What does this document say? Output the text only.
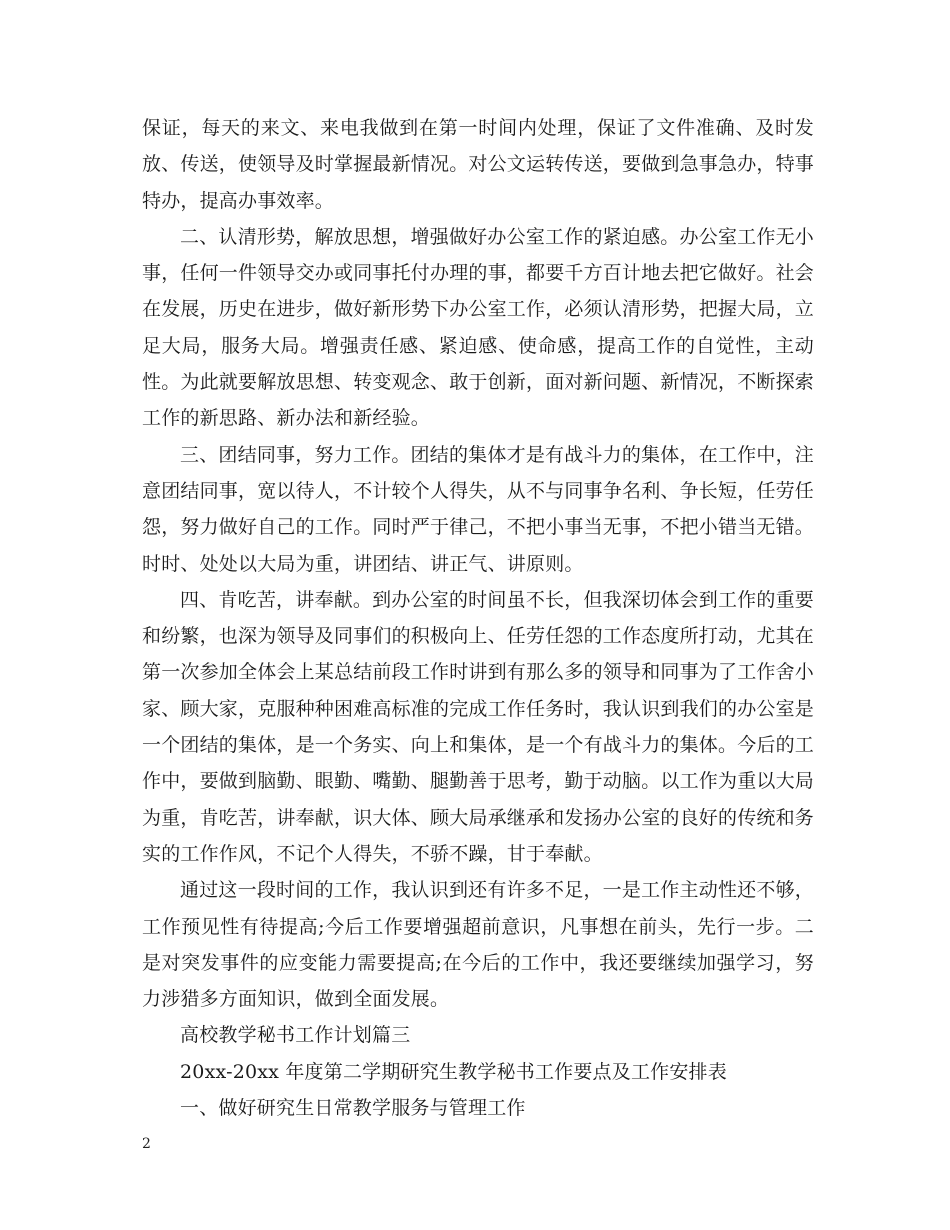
保证，每天的来文、来电我做到在第一时间内处理，保证了文件准确、及时发放、传送，使领导及时掌握最新情况。对公文运转传送，要做到急事急办，特事特办，提高办事效率。

二、认清形势，解放思想，增强做好办公室工作的紧迫感。办公室工作无小事，任何一件领导交办或同事托付办理的事，都要千方百计地去把它做好。社会在发展，历史在进步，做好新形势下办公室工作，必须认清形势，把握大局，立足大局，服务大局。增强责任感、紧迫感、使命感，提高工作的自觉性，主动性。为此就要解放思想、转变观念、敢于创新，面对新问题、新情况，不断探索工作的新思路、新办法和新经验。

三、团结同事，努力工作。团结的集体才是有战斗力的集体，在工作中，注意团结同事，宽以待人，不计较个人得失，从不与同事争名利、争长短，任劳任怨，努力做好自己的工作。同时严于律己，不把小事当无事，不把小错当无错。时时、处处以大局为重，讲团结、讲正气、讲原则。

四、肯吃苦，讲奉献。到办公室的时间虽不长，但我深切体会到工作的重要和纷繁，也深为领导及同事们的积极向上、任劳任怨的工作态度所打动，尤其在第一次参加全体会上某总结前段工作时讲到有那么多的领导和同事为了工作舍小家、顾大家，克服种种困难高标准的完成工作任务时，我认识到我们的办公室是一个团结的集体，是一个务实、向上和集体，是一个有战斗力的集体。今后的工作中，要做到脑勤、眼勤、嘴勤、腿勤善于思考，勤于动脑。以工作为重以大局为重，肯吃苦，讲奉献，识大体、顾大局承继承和发扬办公室的良好的传统和务实的工作作风，不记个人得失，不骄不躁，甘于奉献。

通过这一段时间的工作，我认识到还有许多不足，一是工作主动性还不够，工作预见性有待提高;今后工作要增强超前意识，凡事想在前头，先行一步。二是对突发事件的应变能力需要提高;在今后的工作中，我还要继续加强学习，努力涉猎多方面知识，做到全面发展。

高校教学秘书工作计划篇三

20xx-20xx 年度第二学期研究生教学秘书工作要点及工作安排表

一、做好研究生日常教学服务与管理工作

2
